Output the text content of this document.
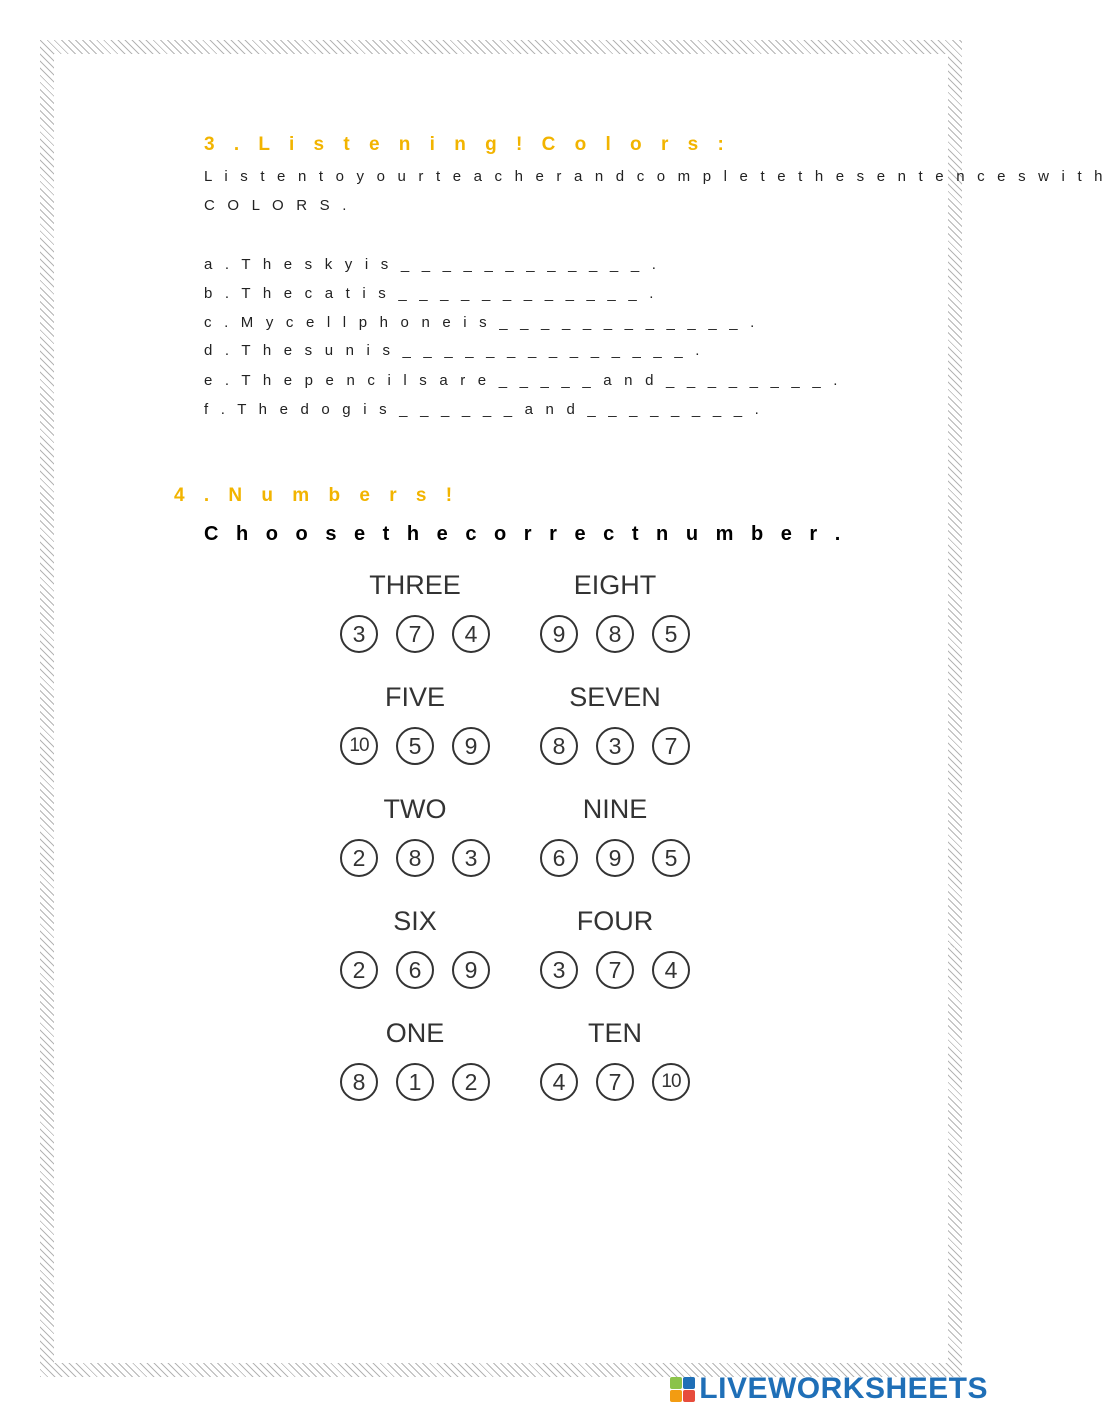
3 . L i s t e n i n g ! C o l o r s :
L i s t e n t o y o u r t e a c h e r a n d c o m p l e t e t h e s e n t e n c e s w i t h
C O L O R S .
a . T h e s k y i s _ _ _ _ _ _ _ _ _ _ _ _ .
b . T h e c a t i s _ _ _ _ _ _ _ _ _ _ _ _ .
c . M y c e l l p h o n e i s _ _ _ _ _ _ _ _ _ _ _ _ .
d . T h e s u n i s _ _ _ _ _ _ _ _ _ _ _ _ _ _ .
e . T h e p e n c i l s a r e _ _ _ _ _ a n d _ _ _ _ _ _ _ _ .
f . T h e d o g i s _ _ _ _ _ _ a n d _ _ _ _ _ _ _ _ .
4 . N u m b e r s !
C h o o s e t h e c o r r e c t n u m b e r .
THREE
3	7	4
EIGHT
9	8	5
FIVE
10	5	9
SEVEN
8	3	7
TWO
2	8	3
NINE
6	9	5
SIX
2	6	9
FOUR
3	7	4
ONE
8	1	2
TEN
4	7	10
LIVEWORKSHEETS
